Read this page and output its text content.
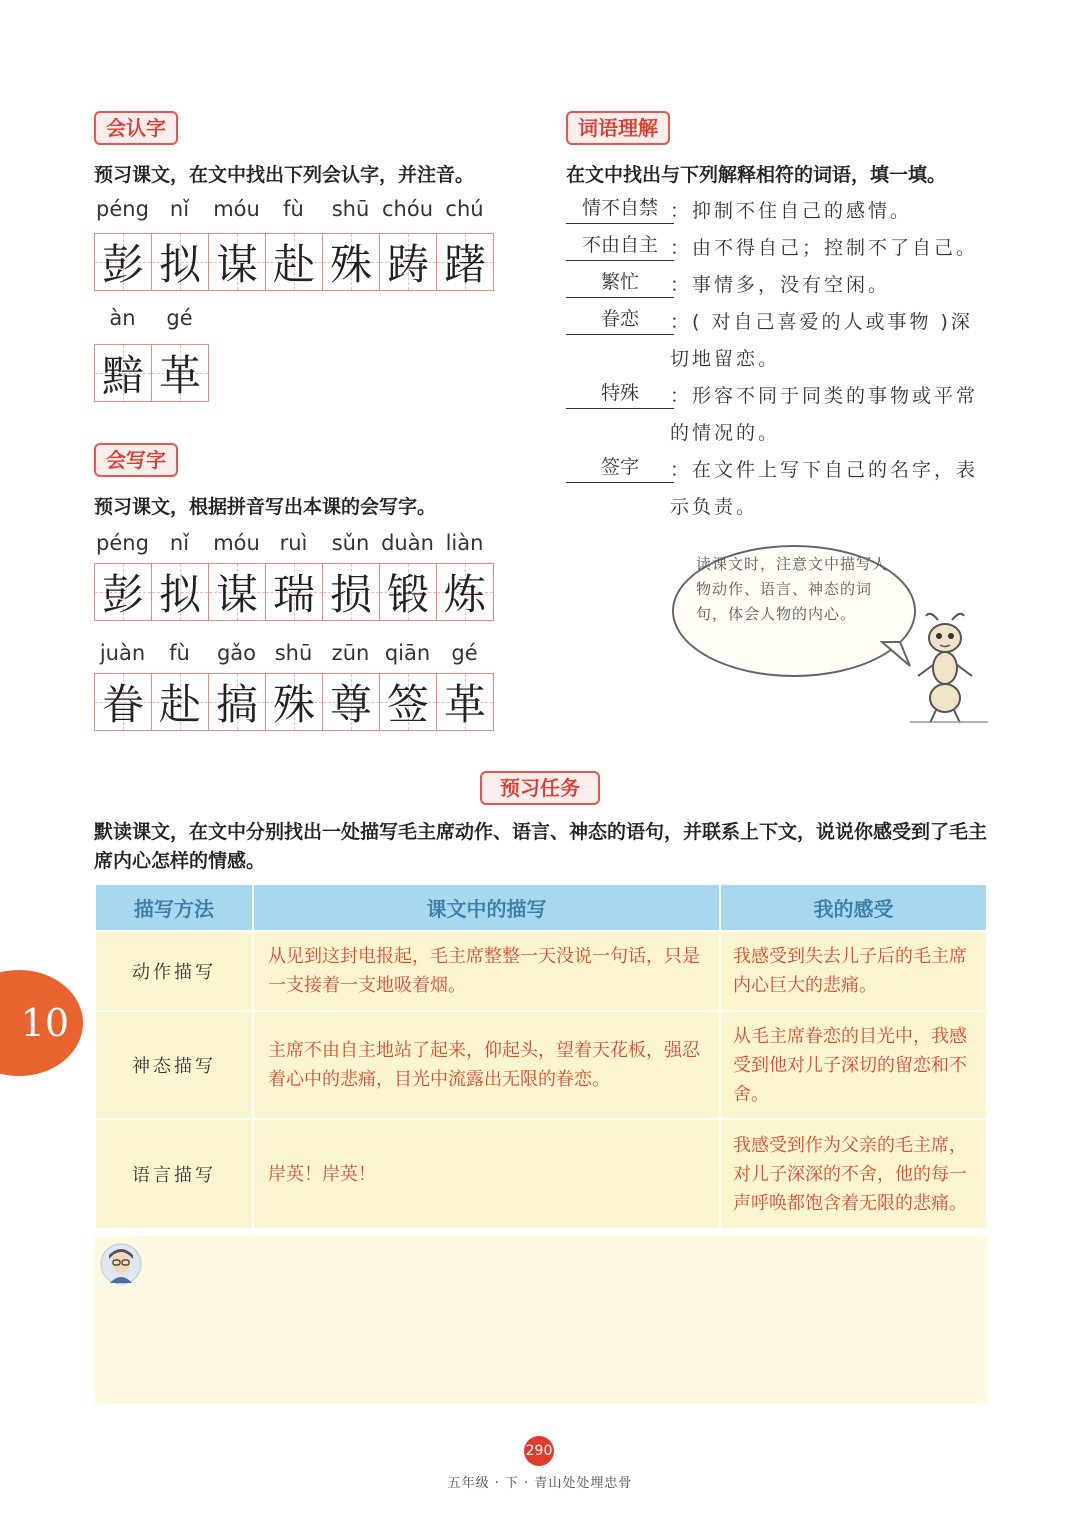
会认字
预习课文，在文中找出下列会认字，并注音。
péng nǐ	móu	fù	shū chóu chú
彭 拟 谋 赴 殊 踌 躇
àn	gé
黯 革
会写字
预习课文，根据拼音写出本课的会写字。
péng nǐ	móu ruì	sǔn duàn liàn
彭 拟 谋 瑞 损 锻 炼
juàn	fù	gǎo shū zūn qiān	gé
眷 赴 搞 殊 尊 签 革
词语理解
在文中找出与下列解释相符的词语，填一填。
情不自禁 ：抑制不住自己的感情。
不由自主 ：由不得自己；控制不了自己。
繁忙	：事情多，没有空闲。
眷恋	：( 对自己喜爱的人或事物 )深切地留恋。
特殊	：形容不同于同类的事物或平常的情况的。
签字	：在文件上写下自己的名字，表示负责。
读课文时，注意文中描写人物动作、语言、神态的词句，体会人物的内心。
预习任务
默读课文，在文中分别找出一处描写毛主席动作、语言、神态的语句，并联系上下文，说说你感受到了毛主席内心怎样的情感。
描写方法	课文中的描写	我的感受
动作描写	从见到这封电报起，毛主席整整一天没说一句话，只是一支接着一支地吸着烟。	我感受到失去儿子后的毛主席内心巨大的悲痛。
神态描写	主席不由自主地站了起来，仰起头，望着天花板，强忍着心中的悲痛，目光中流露出无限的眷恋。	从毛主席眷恋的目光中，我感受到他对儿子深切的留恋和不舍。
语言描写	岸英！岸英！	我感受到作为父亲的毛主席，对儿子深深的不舍，他的每一声呼唤都饱含着无限的悲痛。
10
290
五年级 · 下 · 青山处处埋忠骨
